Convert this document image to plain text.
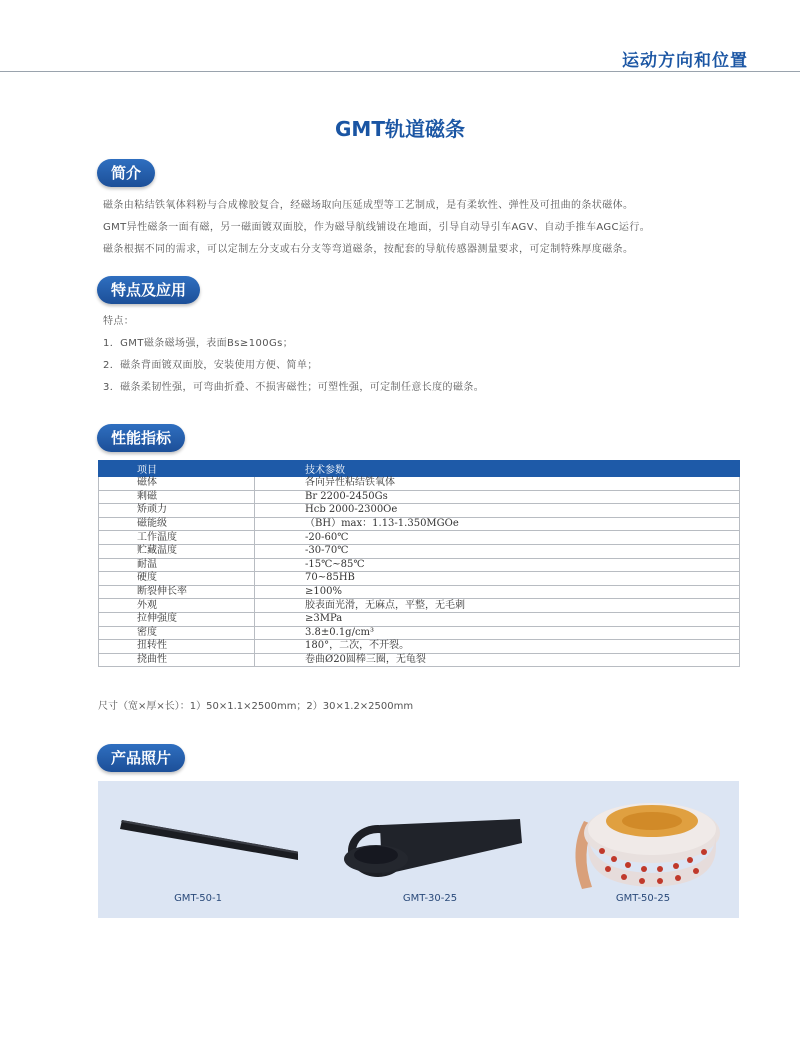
运动方向和位置
GMT轨道磁条
简介
磁条由粘结铁氧体料粉与合成橡胶复合，经磁场取向压延成型等工艺制成，是有柔软性、弹性及可扭曲的条状磁体。
GMT异性磁条一面有磁，另一磁面镀双面胶，作为磁导航线铺设在地面，引导自动导引车AGV、自动手推车AGC运行。
磁条根据不同的需求，可以定制左分支或右分支等弯道磁条，按配套的导航传感器测量要求，可定制特殊厚度磁条。
特点及应用
特点：
1．GMT磁条磁场强，表面Bs≥100Gs；
2．磁条背面镀双面胶，安装使用方便、简单；
3．磁条柔韧性强，可弯曲折叠、不损害磁性；可塑性强，可定制任意长度的磁条。
性能指标
项目	技术参数
磁体	各向异性粘结铁氧体
剩磁	Br 2200-2450Gs
矫顽力	Hcb 2000-2300Oe
磁能级	（BH）max：1.13-1.350MGOe
工作温度	-20-60℃
贮藏温度	-30-70℃
耐温	-15℃~85℃
硬度	70~85HB
断裂伸长率	≥100%
外观	胶表面光滑，无麻点，平整，无毛刺
拉伸强度	≥3MPa
密度	3.8±0.1g/cm³
扭转性	180°，二次，不开裂。
挠曲性	卷曲Ø20圆棒三圈，无龟裂
尺寸（宽×厚×长）：1）50×1.1×2500mm；2）30×1.2×2500mm
产品照片
GMT-50-1	GMT-30-25	GMT-50-25
